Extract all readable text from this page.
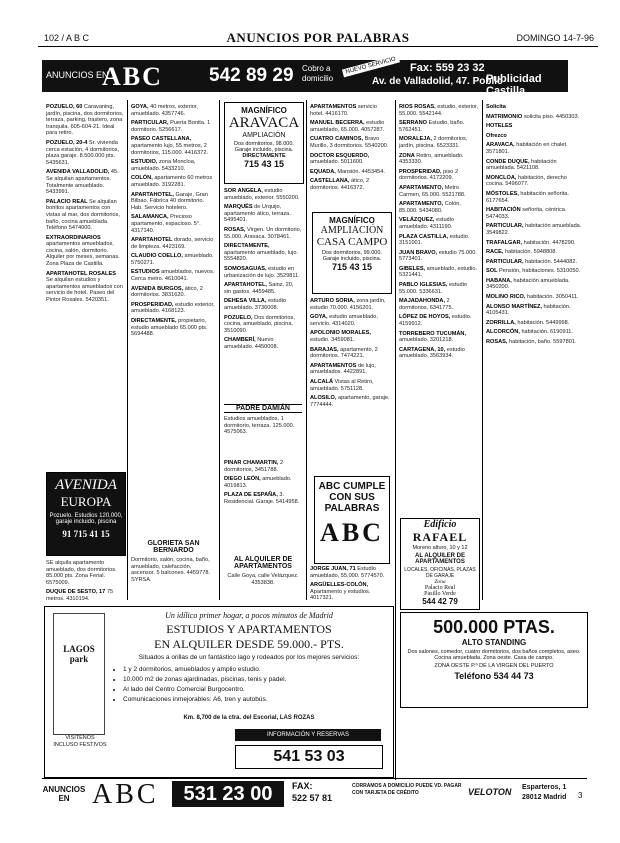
102 / A B C	ANUNCIOS POR PALABRAS	DOMINGO 14-7-96
ANUNCIOS EN
ABC 542 89 29 Cobro a
domicilio
NUEVO SERVICIO Fax: 559 23 32
Av. de Valladolid, 47. Pobllc
Publicidad Castilla

POZUELO, 60 Caravaning, jardín, piscina, dos dormitorios, terraza, parking, trastero, zona tranquila. 605-604-21. Ideal para retiro.

POZUELO, 20-4 Sr. vivienda cerca estación, 4 dormitorios, plaza garaje. 8.500.000 pts. 5435631.

AVENIDA VALLADOLID, 45. Se alquilan apartamentos. Totalmente amueblado. 5433991.

PALACIO REAL Se alquilan bonitos apartamentos con vistas al mar, dos dormitorios, baño, cocina amueblada. Teléfono 5474000.

EXTRAORDINARIOS apartamentos amueblados, cocina, salón, dormitorio. Alquiler por meses, semanas. Zona Plaza de Castilla.

APARTAHOTEL ROSALES Se alquilan estudios y apartamentos amueblados con servicio de hotel. Paseo del Pintor Rosales. 5420351.

AVENIDA
EUROPA
Pozuelo. Estudios 120.000,
garaje incluido, piscina
91 715 41 15

SE alquila apartamento amueblado, dos dormitorios. 85.000 pts. Zona Ferial. 6575009.

DUQUE DE SESTO, 17 75 metros. 4310194.

GOYA, 40 metros, exterior, amueblado. 4357746.

PARTICULAR, Puerta Bonita. 1 dormitorio. 5256617.

PASEO CASTELLANA, apartamento lujo, 55 metros, 2 dormitorios, 115.000. 4416372.

ESTUDIO, zona Moncloa, amueblado. 5433210.

COLÓN, apartamento 60 metros amueblado. 3192281.

APARTAHOTEL, Garaje, Gran Bilbao. Fábrica 40 dormitorio. Hab. Servicio hotelero.

SALAMANCA, Precioso apartamento, espacioso. 5°. 4317140.

APARTAHOTEL dorado, servicio de limpieza. 4423169.

CLAUDIO COELLO, amueblado. 5750271.

ESTUDIOS amueblados, nuevos. Cerca metro. 4610041.

AVENIDA BURGOS, ático, 2 dormitorios. 3831620.

PROSPERIDAD, estudio exterior, amueblado. 4168123.

DIRECTAMENTE, propietario, estudio amueblado 65.000 pts. 5694488.

GLORIETA SAN BERNARDO
Dormitorio, salón, cocina, baño, amueblado, calefacción, ascensor. 5 balcones. 4459778. SYRSA.
MAGNÍFICO
ARAVACA
AMPLIACIÓN
Dos dormitorios, 98.000.
Garaje incluido, piscina.
DIRECTAMENTE
715 43 15

SOR ÁNGELA, estudio amueblado, exterior. 5550200.

MARQUÉS de Urquijo, apartamento ático, terraza. 5495401.

ROSAS, Virgen. Un dormitorio, 55.000. Aravaca. 3078461.

DIRECTAMENTE, apartamento amueblado, lujo. 5554820.

SOMOSAGUAS, estudio en urbanización de lujo. 3529811.

APARTAHOTEL, Sainz, 20, sin gastos. 4459485.

DEHESA VILLA, estudio amueblado. 3736008.

POZUELO, Dos dormitorios, cocina, amueblado, piscina. 3510090.

CHAMBERÍ, Nuevo amueblado. 4450008.

PADRE DAMIÁN
Estudios amueblados, 1 dormitorio, terraza. 125.000. 4575063.

PINAR CHAMARTÍN, 2 dormitorios, 3451788.

DIEGO LEÓN, amueblado. 4019813.

PLAZA DE ESPAÑA, 3. Residencial. Garaje. 5414958.

AL ALQUILER DE APARTAMENTOS
Calle Goya, calle Velázquez. 4353838.

APARTAMENTOS servicio hotel. 4416170.

MANUEL BECERRA, estudio amueblado, 65.000. 4057287.

CUATRO CAMINOS, Bravo Murillo, 3 dormitorios. 5540200.

DOCTOR ESQUERDO, amueblado. 5011600.

EQUADA, Mansión. 4453454.

CASTELLANA, ático, 2 dormitorios. 4416372.

MAGNÍFICO
AMPLIACIÓN
CASA CAMPO
Dos dormitorios, 99.000.
Garaje incluido, piscina.
715 43 15

ARTURO SORIA, zona jardín, estudio 70.000. 4156201.

GOYA, estudio amueblado, servicio. 4314020.

APOLONIO MORALES, estudio. 3459081.

BARAJAS, apartamento, 2 dormitorios. 7474221.

APARTAMENTOS de lujo, amueblados. 4422891.

ALCALÁ Vistas al Retiro, amueblado. 5751128.

ALOSILO, apartamento, garaje. 7774444.

ABC CUMPLE
CON SUS
PALABRAS
ABC

JORGE JUAN, 71 Estudio amueblado, 55.000. 5774570.

ARGÜELLES-COLÓN, Apartamento y estudios. 4017321.

RIOS ROSAS, estudio, exterior, 55.000. 5542144.

SERRANO Estudio, baño. 5762451.

MORALEJA, 2 dormitorios, jardín, piscina. 6523331.

ZONA Retiro, amueblado. 4353330.

PROSPERIDAD, piso 2 dormitorios. 4172209.

APARTAMENTO, Metro Carmen, 65.000. 5521788.

APARTAMENTO, Colón, 85.000. 5434080.

VELÁZQUEZ, estudio amueblado. 4311190.

PLAZA CASTILLA, estudio. 3151001.

JUAN BRAVO, estudio 75.000. 5773401.

GIBELES, amueblado, estudio. 5321441.

PABLO IGLESIAS, estudio 55.000. 5336631.

MAJADAHONDA, 2 dormitorios. 6341775.

LÓPEZ DE HOYOS, estudio. 4159912.

TORREBERO TUCUMÁN, amueblado. 3201218.

CARTAGENA, 10, estudio amueblado. 3563934.

Edificio
RAFAEL
Moreno alturo, 10 y 12
AL ALQUILER DE
APARTAMENTOS
LOCALES, OFICINAS, PLAZAS DE GARAJE
Zona
Palacio Real
Pasillo Verde
544 42 79

Solicita

MATRIMONIO solicita piso. 4450303.

HOTELES

Ofrezco

ARAVACA, habitación en chalet. 3571801.

CONDE DUQUE, habitación amueblada. 5421108.

MONCLOA, habitación, derecho cocina. 5496077.

MÓSTOLES, habitación señorita. 6177654.

HABITACIÓN señorita, céntrica. 5474033.

PARTICULAR, habitación amueblada. 3549822.

TRAFALGAR, habitación. 4478290.

RACE, habitación. 5948808.

PARTICULAR, habitación. 5444082.

SOL Pensión, habitaciones. 5310050.

HABANA, habitación amueblada. 3450200.

MOLINO RICO, habitación. 3050411.

ALONSO MARTÍNEZ, habitación. 4105431.

ZORRILLA, habitación. 5449998.

ALCORCÓN, habitación. 6190911.

ROSAS, habitación, baño. 5597801.

500.000 PTAS.
ALTO STANDING
Dos salones, comedor, cuatro dormitorios, dos baños completos, aseo. Cocina amueblada. Zona oeste. Casa de campo.
ZONA OESTE P.º DE LA VIRGEN DEL PUERTO
Teléfono 534 44 73
LAGOS park
Un idílico primer hogar, a pocos minutos de Madrid
ESTUDIOS Y APARTAMENTOS
EN ALQUILER DESDE 59.000.- PTS.
Situados a orillas de un fantástico lago y rodeados por los mejores servicios:
• 1 y 2 dormitorios, amueblados y amplio estudio.
• 10.000 m2 de zonas ajardinadas, piscinas, tenis y padel.
• Al lado del Centro Comercial Burgocentro.
• Comunicaciones inmejorables: A6, tren y autobús.
Km. 8,700 de la ctra. del Escorial, LAS ROZAS
VISITENOS
INCLUSO FESTIVOS
INFORMACIÓN Y RESERVAS
541 53 03
ANUNCIOS
EN ABC	531 23 00	FAX:
522 57 81
CORRAMOS A DOMICILIO PUEDE VD. PAGAR CON TARJETA DE CRÉDITO	VELOTON Esparteros, 1
28012 Madrid 3
